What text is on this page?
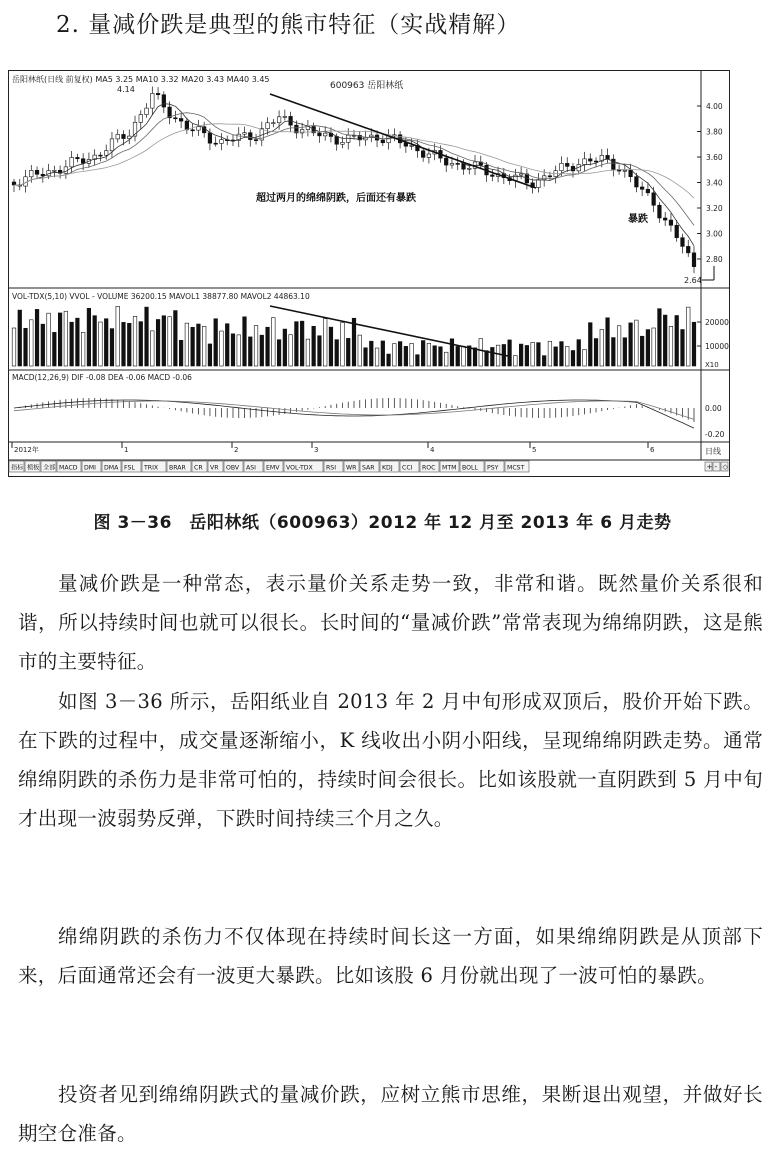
2. 量减价跌是典型的熊市特征（实战精解）
岳阳林纸(日线 前复权) MA5 3.25 MA10 3.32 MA20 3.43 MA40 3.45
600963 岳阳林纸
4.14
2.64
超过两月的绵绵阴跌，后面还有暴跌
暴跌
4.00
3.80
3.60
3.40
3.20
3.00
2.80
VOL-TDX(5,10) VVOL - VOLUME 36200.15 MAVOL1 38877.80 MAVOL2 44863.10
20000
10000
X10
MACD(12,26,9) DIF -0.08 DEA -0.06 MACD -0.06
0.00
-0.20
2012年	1	2	3	4	5	6	日线
指标 模板 全部 MACD DMI DMA FSL TRIX BRAR CR VR OBV ASI EMV VOL-TDX RSI WR SAR KDJ CCI ROC MTM BOLL PSY MCST	+ - ◇
图 3－36　岳阳林纸（600963）2012 年 12 月至 2013 年 6 月走势

量减价跌是一种常态，表示量价关系走势一致，非常和谐。既然量价关系很和谐，所以持续时间也就可以很长。长时间的“量减价跌”常常表现为绵绵阴跌，这是熊市的主要特征。

如图 3－36 所示，岳阳纸业自 2013 年 2 月中旬形成双顶后，股价开始下跌。在下跌的过程中，成交量逐渐缩小，K 线收出小阴小阳线，呈现绵绵阴跌走势。通常绵绵阴跌的杀伤力是非常可怕的，持续时间会很长。比如该股就一直阴跌到 5 月中旬才出现一波弱势反弹，下跌时间持续三个月之久。

绵绵阴跌的杀伤力不仅体现在持续时间长这一方面，如果绵绵阴跌是从顶部下来，后面通常还会有一波更大暴跌。比如该股 6 月份就出现了一波可怕的暴跌。

投资者见到绵绵阴跌式的量减价跌，应树立熊市思维，果断退出观望，并做好长期空仓准备。
